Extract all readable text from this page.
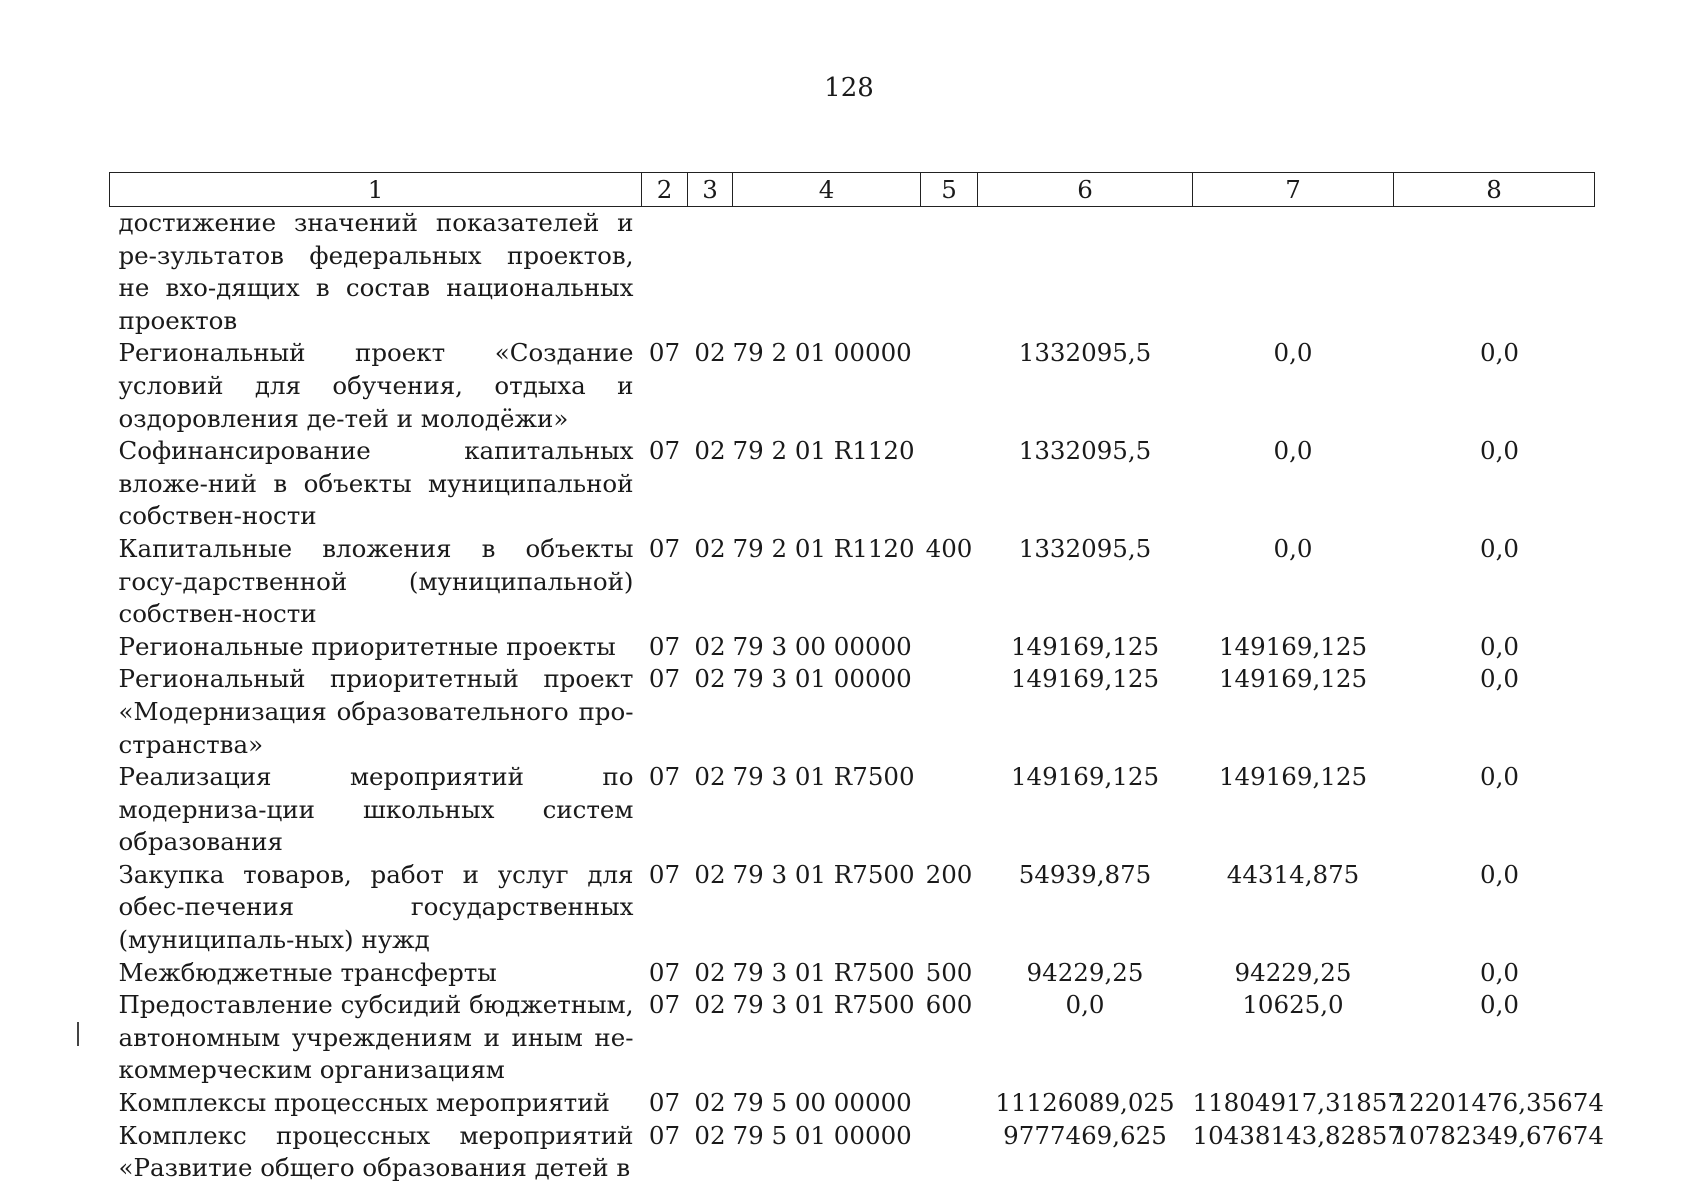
128
1	2	3	4	5	6	7	8
достижение значений показателей и ре-зультатов федеральных проектов, не вхо-дящих в состав национальных проектов							
Региональный проект «Создание условий для обучения, отдыха и оздоровления де-тей и молодёжи»	07	02	79 2 01 00000		1332095,5	0,0	0,0
Софинансирование капитальных вложе-ний в объекты муниципальной собствен-ности	07	02	79 2 01 R1120		1332095,5	0,0	0,0
Капитальные вложения в объекты госу-дарственной (муниципальной) собствен-ности	07	02	79 2 01 R1120	400	1332095,5	0,0	0,0
Региональные приоритетные проекты	07	02	79 3 00 00000		149169,125	149169,125	0,0
Региональный приоритетный проект «Модернизация образовательного про-странства»	07	02	79 3 01 00000		149169,125	149169,125	0,0
Реализация мероприятий по модерниза-ции школьных систем образования	07	02	79 3 01 R7500		149169,125	149169,125	0,0
Закупка товаров, работ и услуг для обес-печения государственных (муниципаль-ных) нужд	07	02	79 3 01 R7500	200	54939,875	44314,875	0,0
Межбюджетные трансферты	07	02	79 3 01 R7500	500	94229,25	94229,25	0,0
Предоставление субсидий бюджетным, автономным учреждениям и иным не-коммерческим организациям	07	02	79 3 01 R7500	600	0,0	10625,0	0,0
Комплексы процессных мероприятий	07	02	79 5 00 00000		11126089,025	11804917,31857	12201476,35674
Комплекс процессных мероприятий «Развитие общего образования детей в	07	02	79 5 01 00000		9777469,625	10438143,82857	10782349,67674
